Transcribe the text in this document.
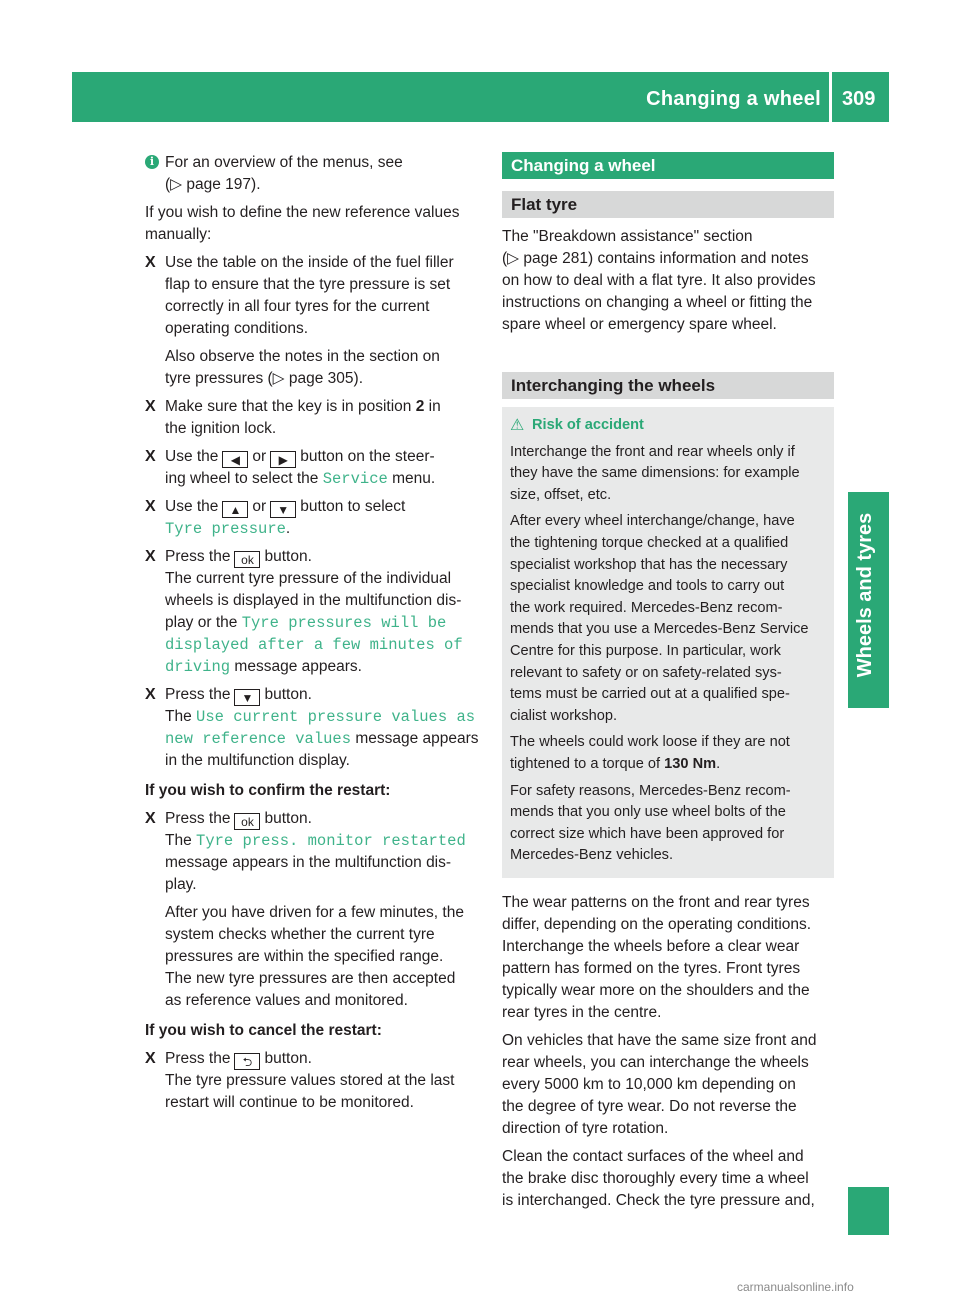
Changing a wheel 309
Wheels and tyres

i For an overview of the menus, see
(▷ page 197).

If you wish to define the new reference values
manually:

X Use the table on the inside of the fuel filler
flap to ensure that the tyre pressure is set
correctly in all four tyres for the current
operating conditions.
Also observe the notes in the section on
tyre pressures (▷ page 305).
X Make sure that the key is in position 2 in
the ignition lock.
X Use the ◀ or ▶ button on the steer-
ing wheel to select the Service menu.
X Use the ▲ or ▼ button to select
Tyre pressure.
X Press the ok button.
The current tyre pressure of the individual
wheels is displayed in the multifunction dis-
play or the Tyre pressures will be
displayed after a few minutes of
driving message appears.
X Press the ▼ button.
The Use current pressure values as
new reference values message appears
in the multifunction display.

If you wish to confirm the restart:

X Press the ok button.
The Tyre press. monitor restarted
message appears in the multifunction dis-
play.
After you have driven for a few minutes, the
system checks whether the current tyre
pressures are within the specified range.
The new tyre pressures are then accepted
as reference values and monitored.

If you wish to cancel the restart:

X Press the ⮌ button.
The tyre pressure values stored at the last
restart will continue to be monitored.
Changing a wheel
Flat tyre

The "Breakdown assistance" section
(▷ page 281) contains information and notes
on how to deal with a flat tyre. It also provides
instructions on changing a wheel or fitting the
spare wheel or emergency spare wheel.

Interchanging the wheels

⚠ Risk of accident

Interchange the front and rear wheels only if
they have the same dimensions: for example
size, offset, etc.

After every wheel interchange/change, have
the tightening torque checked at a qualified
specialist workshop that has the necessary
specialist knowledge and tools to carry out
the work required. Mercedes-Benz recom-
mends that you use a Mercedes-Benz Service
Centre for this purpose. In particular, work
relevant to safety or on safety-related sys-
tems must be carried out at a qualified spe-
cialist workshop.

The wheels could work loose if they are not
tightened to a torque of 130 Nm.

For safety reasons, Mercedes-Benz recom-
mends that you only use wheel bolts of the
correct size which have been approved for
Mercedes-Benz vehicles.

The wear patterns on the front and rear tyres
differ, depending on the operating conditions.
Interchange the wheels before a clear wear
pattern has formed on the tyres. Front tyres
typically wear more on the shoulders and the
rear tyres in the centre.

On vehicles that have the same size front and
rear wheels, you can interchange the wheels
every 5000 km to 10,000 km depending on
the degree of tyre wear. Do not reverse the
direction of tyre rotation.

Clean the contact surfaces of the wheel and
the brake disc thoroughly every time a wheel
is interchanged. Check the tyre pressure and,

carmanualsonline.info
